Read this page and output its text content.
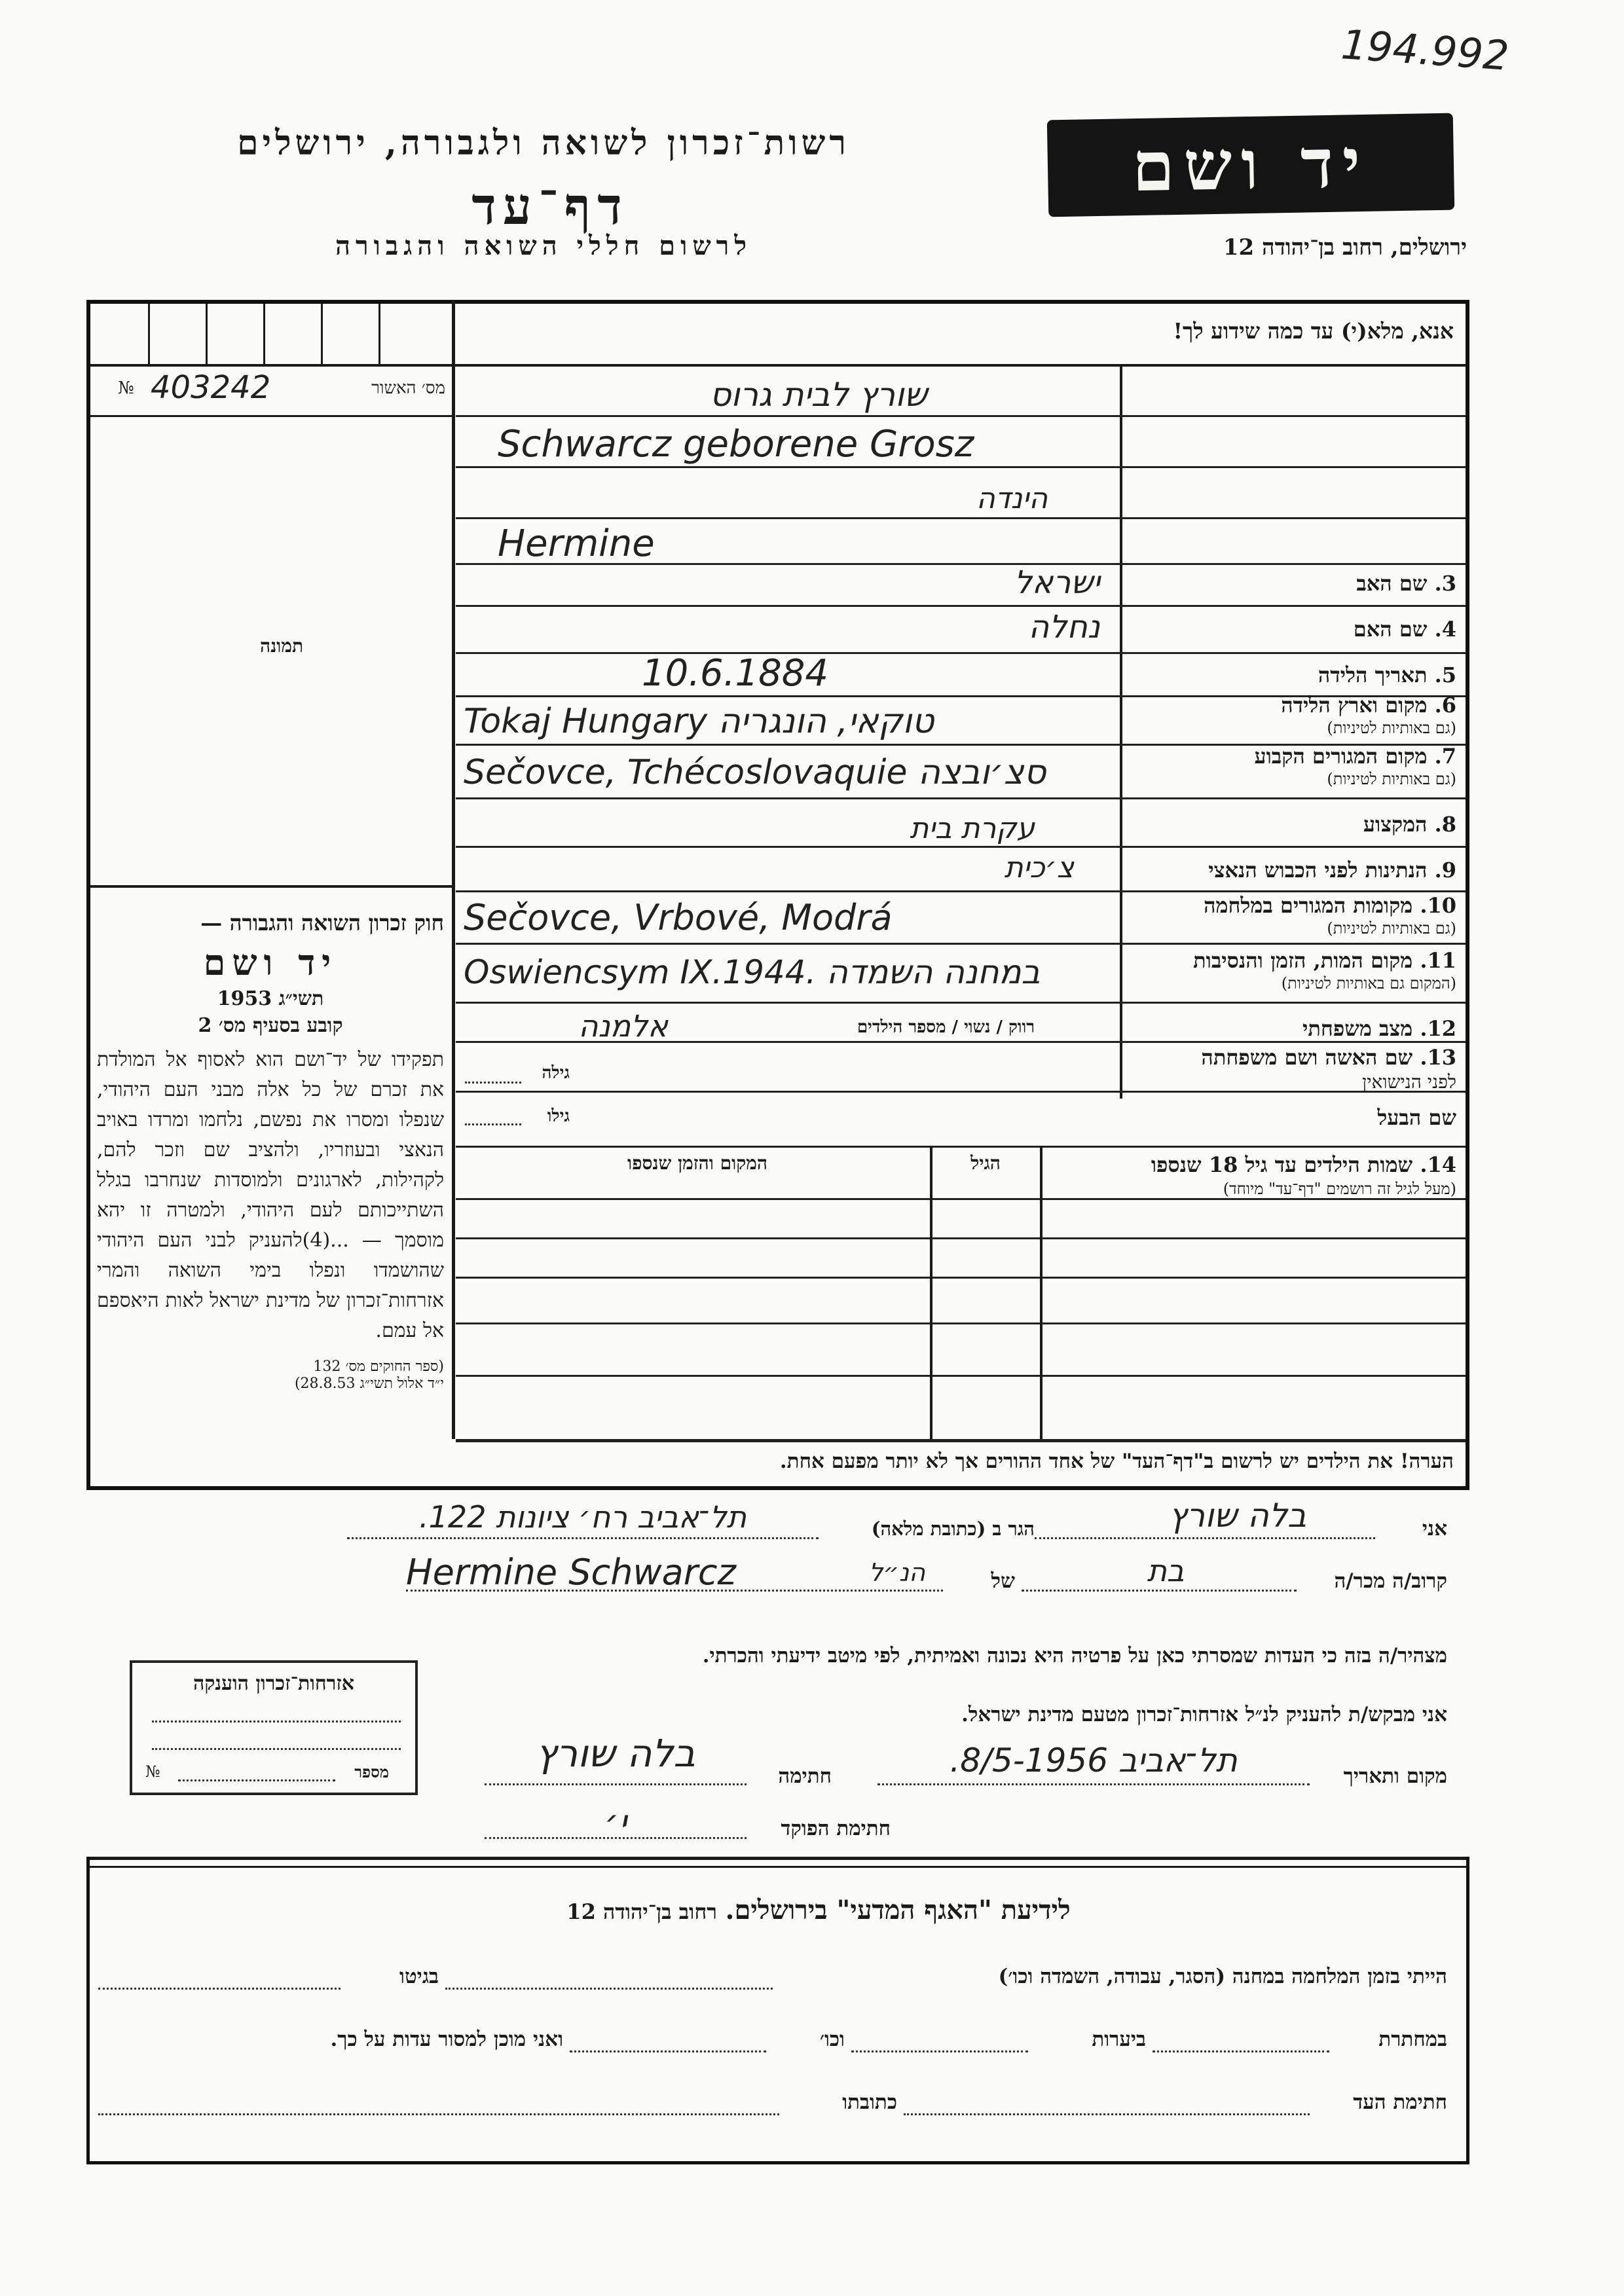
194.992
רשות־זכרון לשואה ולגבורה, ירושלים
דף־עד
לרשום חללי השואה והגבורה
יד ושם
ירושלים, רחוב בן־יהודה 12
אנא, מלא(י) עד כמה שידוע לך!
מס׳ האשור
403242
№
תמונה
שורץ לבית גרוס
Schwarcz geborene Grosz
הינדה
Hermine
3. שם האב
ישראל
4. שם האם
נחלה
5. תאריך הלידה
10.6.1884
6. מקום וארץ הלידה
(גם באותיות לטיניות)
Tokaj Hungary טוקאי, הונגריה
7. מקום המגורים הקבוע
(גם באותיות לטיניות)
Sečovce, Tchécoslovaquie סצ׳ובצה
8. המקצוע
עקרת בית
9. הנתינות לפני הכבוש הנאצי
צ׳כית
10. מקומות המגורים במלחמה
(גם באותיות לטיניות)
Sečovce, Vrbové, Modrá
11. מקום המות, הזמן והנסיבות
(המקום גם באותיות לטיניות)
Oswiencsym IX.1944. במחנה השמדה
12. מצב משפחתי
רווק / נשוי / מספר הילדים
אלמנה
13. שם האשה ושם משפחתה
לפני הנישואין
גילה
שם הבעל
גילו
14. שמות הילדים עד גיל 18 שנספו
(מעל לגיל זה רושמים "דף־עד" מיוחד)
הגיל
המקום והזמן שנספו
חוק זכרון השואה והגבורה —
יד ושם
תשי״ג 1953
קובע בסעיף מס׳ 2
תפקידו של יד־ושם הוא לאסוף אל המולדת את זכרם של כל אלה מבני העם היהודי, שנפלו ומסרו את נפשם, נלחמו ומרדו באויב הנאצי ובעוזריו, ולהציב שם וזכר להם, לקהילות, לארגונים ולמוסדות שנחרבו בגלל השתייכותם לעם היהודי, ולמטרה זו יהא מוסמך — ...(4)להעניק לבני העם היהודי שהושמדו ונפלו בימי השואה והמרי אזרחות־זכרון של מדינת ישראל לאות היאספם אל עמם.
(ספר החוקים מס׳ 132
י״ד אלול תשי״ג 28.8.53)
הערה! את הילדים יש לרשום ב"דף־העד" של אחד ההורים אך לא יותר מפעם אחת.
אני
בלה שורץ
הגר ב (כתובת מלאה)
תל־אביב רח׳ ציונות 122.
קרוב/ה מכר/ה
בת
של
הנ״ל
Hermine Schwarcz
מצהיר/ה בזה כי העדות שמסרתי כאן על פרטיה היא נכונה ואמיתית, לפי מיטב ידיעתי והכרתי.
אני מבקש/ת להעניק לנ״ל אזרחות־זכרון מטעם מדינת ישראל.
מקום ותאריך
תל־אביב 8/5-1956.
חתימה
בלה שורץ
חתימת הפוקד
י׳
אזרחות־זכרון הוענקה
מספר
№
לידיעת "האגף המדעי" בירושלים. רחוב בן־יהודה 12
הייתי בזמן המלחמה במחנה (הסגר, עבודה, השמדה וכו׳)
בגיטו
במחתרת
ביערות
וכו׳
ואני מוכן למסור עדות על כך.
חתימת העד
כתובתו
